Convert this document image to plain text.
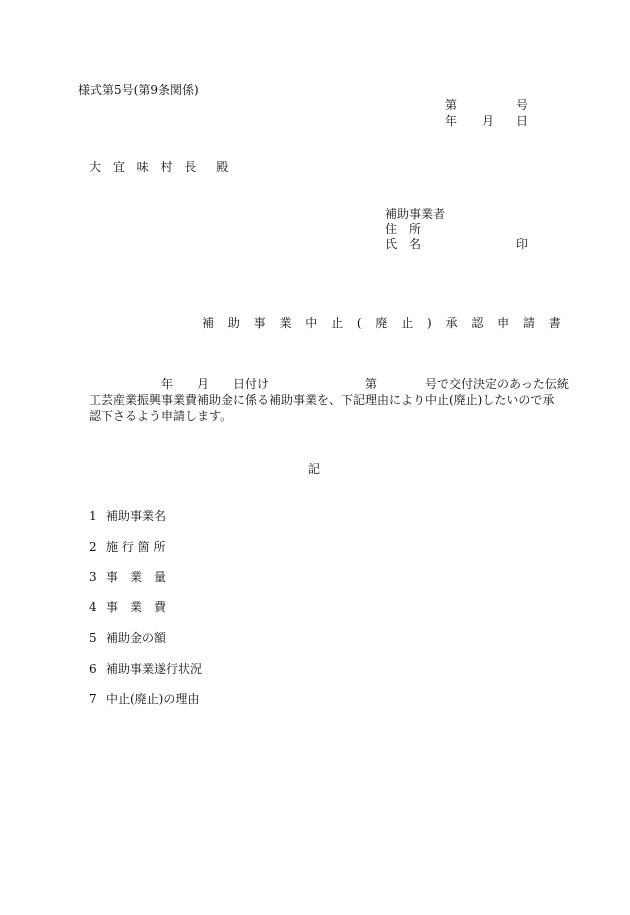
様式第5号(第9条関係)
第	号
年 月 日
大 宜 味 村 長　殿
補助事業者
住　所
氏　名	印
補 助 事 業 中 止 ( 廃 止 ) 承 認 申 請 書
　　　　　　年　　月　　日付け　　　　　　　　第　　　　号で交付決定のあった伝統
工芸産業振興事業費補助金に係る補助事業を、下記理由により中止(廃止)したいので承
認下さるよう申請します。
記
1 補助事業名
2 施 行 箇 所
3 事　業　量
4 事　業　費
5 補助金の額
6 補助事業遂行状況
7 中止(廃止)の理由
